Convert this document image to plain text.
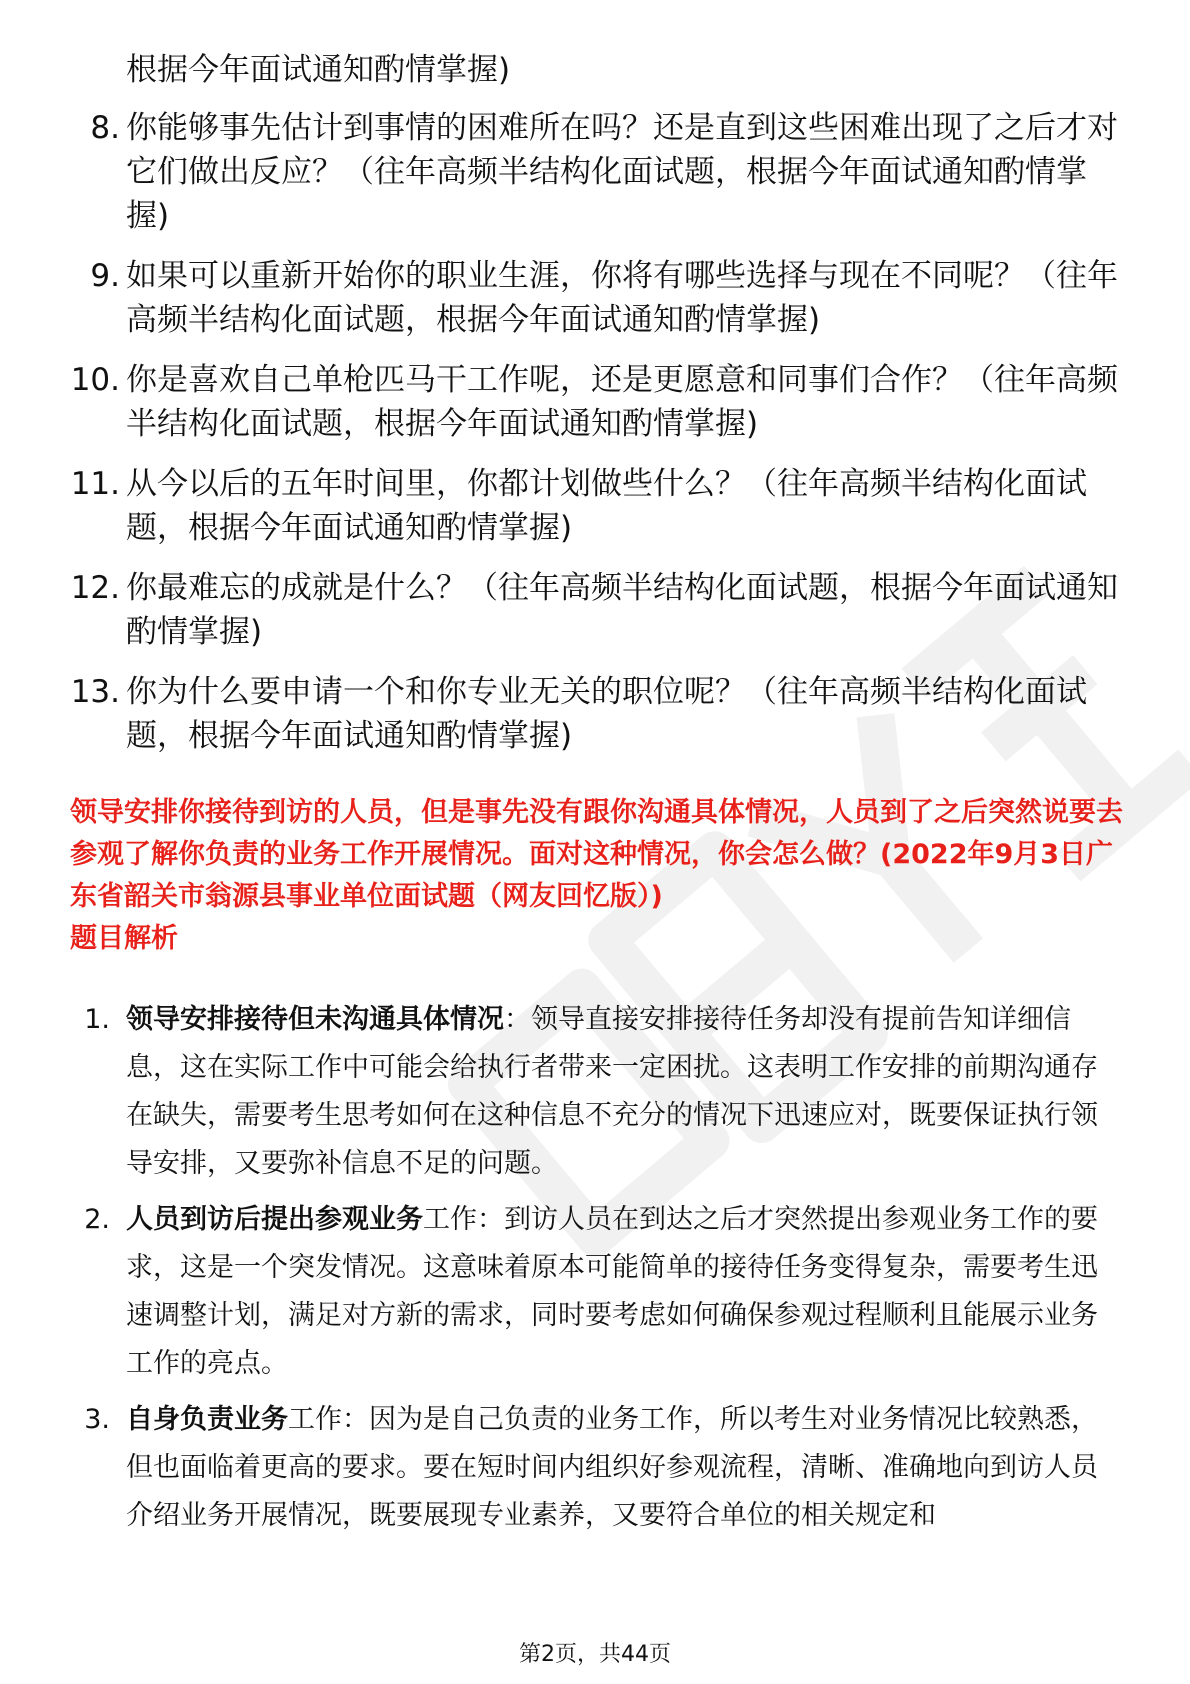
根据今年面试通知酌情掌握)
8. 你能够事先估计到事情的困难所在吗？还是直到这些困难出现了之后才对它们做出反应？（往年高频半结构化面试题，根据今年面试通知酌情掌握)
9. 如果可以重新开始你的职业生涯，你将有哪些选择与现在不同呢？（往年高频半结构化面试题，根据今年面试通知酌情掌握)
10. 你是喜欢自己单枪匹马干工作呢，还是更愿意和同事们合作？（往年高频半结构化面试题，根据今年面试通知酌情掌握)
11. 从今以后的五年时间里，你都计划做些什么？（往年高频半结构化面试题，根据今年面试通知酌情掌握)
12. 你最难忘的成就是什么？（往年高频半结构化面试题，根据今年面试通知酌情掌握)
13. 你为什么要申请一个和你专业无关的职位呢？（往年高频半结构化面试题，根据今年面试通知酌情掌握)
领导安排你接待到访的人员，但是事先没有跟你沟通具体情况，人员到了之后突然说要去参观了解你负责的业务工作开展情况。面对这种情况，你会怎么做？(2022年9月3日广东省韶关市翁源县事业单位面试题（网友回忆版）)
题目解析
1. 领导安排接待但未沟通具体情况：领导直接安排接待任务却没有提前告知详细信息，这在实际工作中可能会给执行者带来一定困扰。这表明工作安排的前期沟通存在缺失，需要考生思考如何在这种信息不充分的情况下迅速应对，既要保证执行领导安排，又要弥补信息不足的问题。
2. 人员到访后提出参观业务工作：到访人员在到达之后才突然提出参观业务工作的要求，这是一个突发情况。这意味着原本可能简单的接待任务变得复杂，需要考生迅速调整计划，满足对方新的需求，同时要考虑如何确保参观过程顺利且能展示业务工作的亮点。
3. 自身负责业务工作：因为是自己负责的业务工作，所以考生对业务情况比较熟悉，但也面临着更高的要求。要在短时间内组织好参观流程，清晰、准确地向到访人员介绍业务开展情况，既要展现专业素养，又要符合单位的相关规定和
第2页，共44页
